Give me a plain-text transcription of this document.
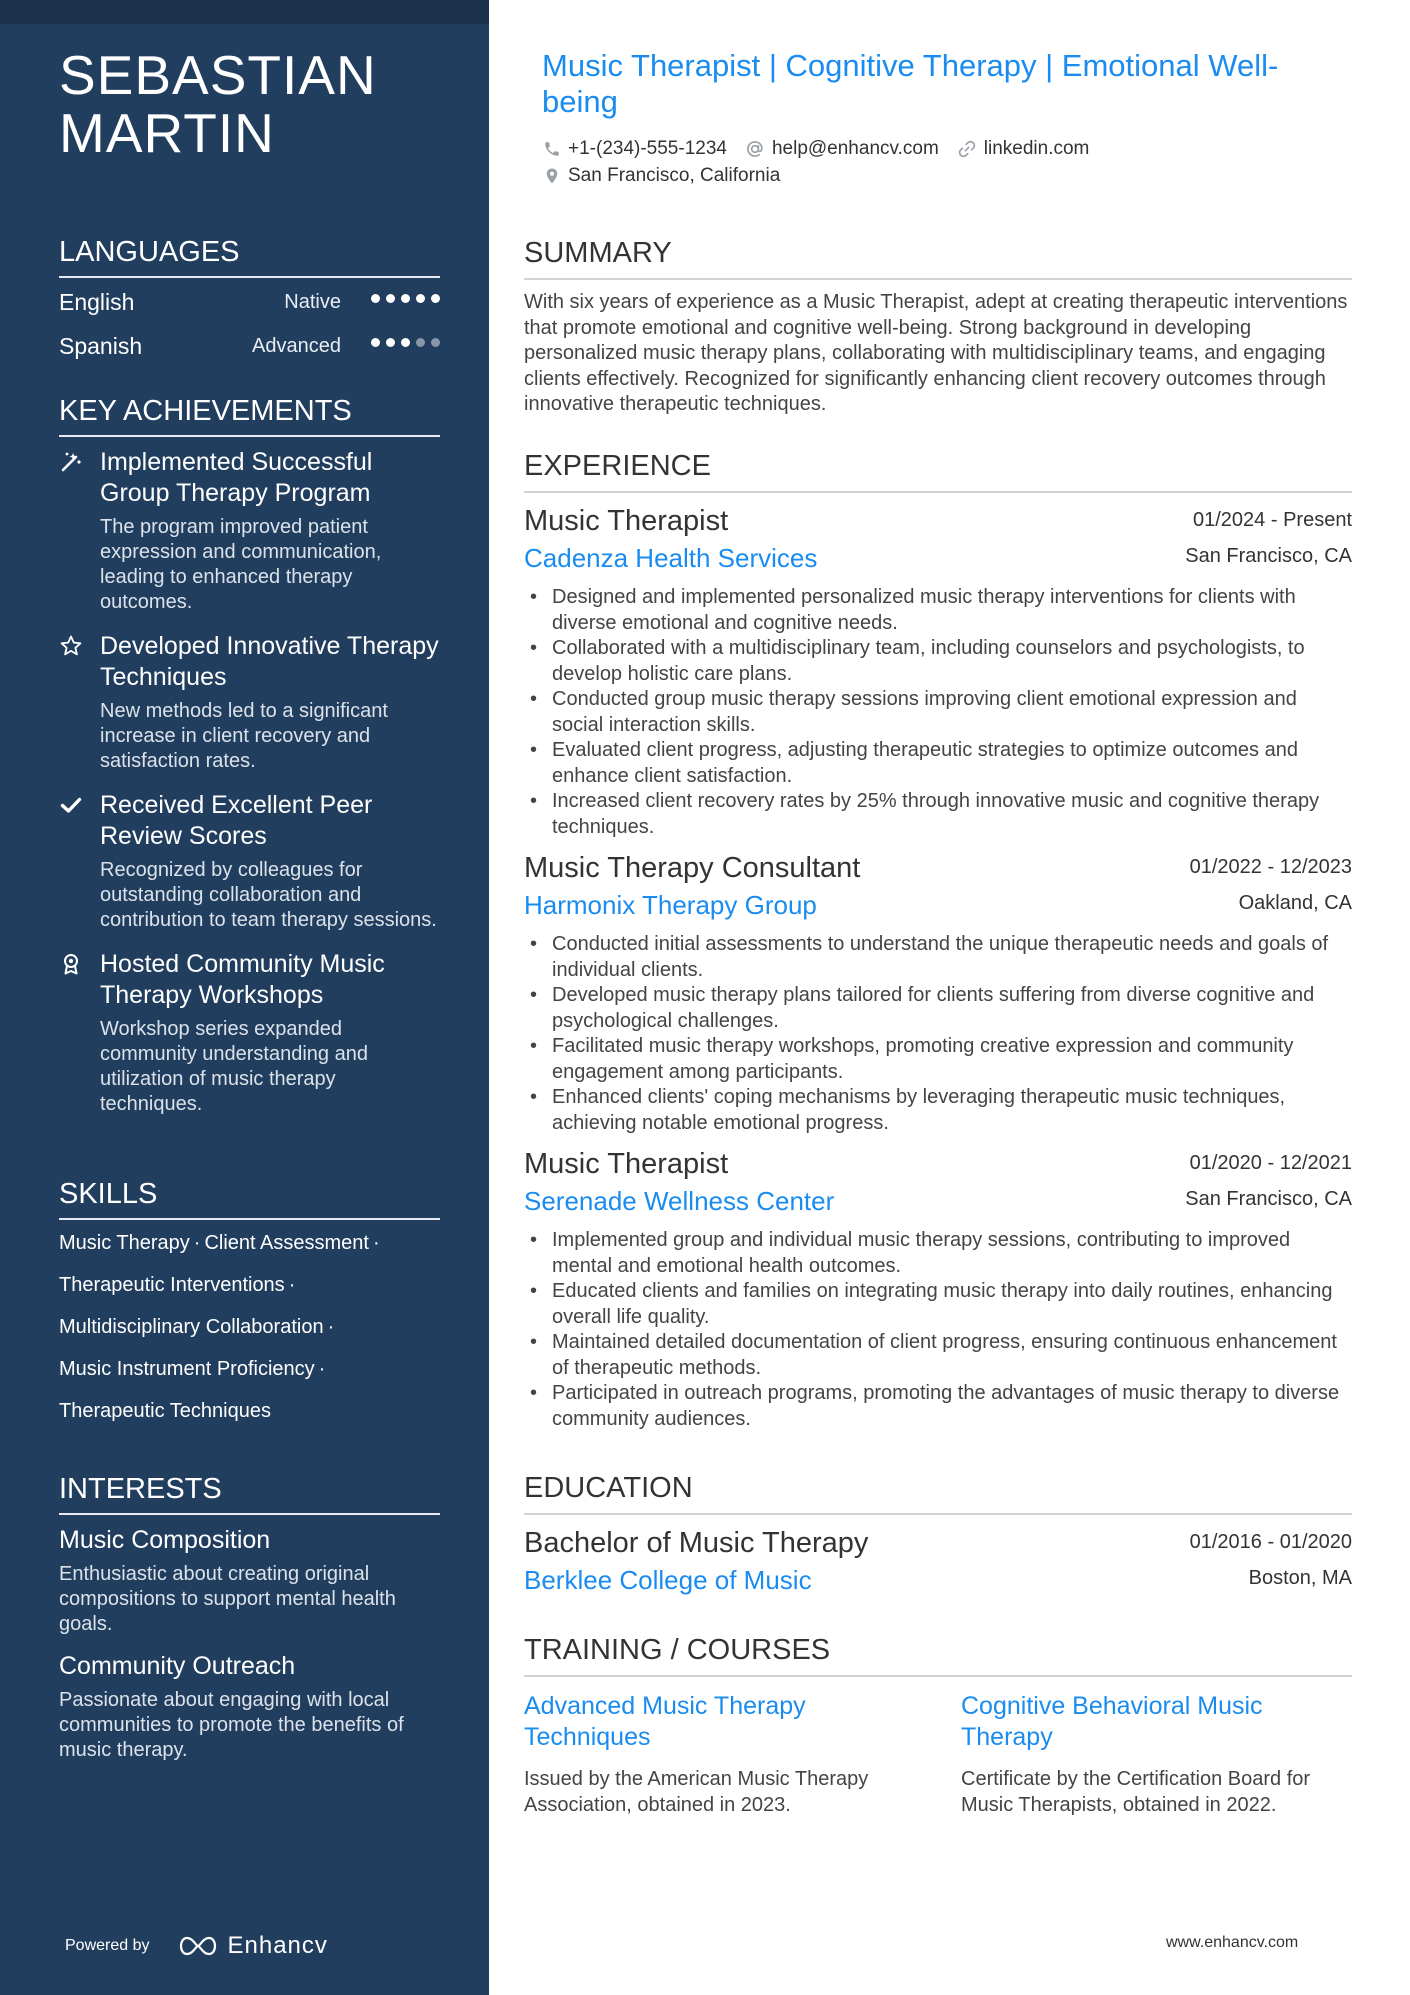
SEBASTIAN MARTIN
LANGUAGES
English	Native
Spanish	Advanced
KEY ACHIEVEMENTS
Implemented Successful Group Therapy Program
The program improved patient expression and communication, leading to enhanced therapy outcomes.
Developed Innovative Therapy Techniques
New methods led to a significant increase in client recovery and satisfaction rates.
Received Excellent Peer Review Scores
Recognized by colleagues for outstanding collaboration and contribution to team therapy sessions.
Hosted Community Music Therapy Workshops
Workshop series expanded community understanding and utilization of music therapy techniques.
SKILLS
Music Therapy · Client Assessment ·
Therapeutic Interventions ·
Multidisciplinary Collaboration ·
Music Instrument Proficiency ·
Therapeutic Techniques
INTERESTS
Music Composition
Enthusiastic about creating original compositions to support mental health goals.
Community Outreach
Passionate about engaging with local communities to promote the benefits of music therapy.
Powered by	Enhancv
Music Therapist | Cognitive Therapy | Emotional Well-being
+1-(234)-555-1234 help@enhancv.com linkedin.com
San Francisco, California
SUMMARY
With six years of experience as a Music Therapist, adept at creating therapeutic interventions that promote emotional and cognitive well-being. Strong background in developing personalized music therapy plans, collaborating with multidisciplinary teams, and engaging clients effectively. Recognized for significantly enhancing client recovery outcomes through innovative therapeutic techniques.
EXPERIENCE
Music Therapist	01/2024 - Present
Cadenza Health Services	San Francisco, CA
• Designed and implemented personalized music therapy interventions for clients with diverse emotional and cognitive needs.
• Collaborated with a multidisciplinary team, including counselors and psychologists, to develop holistic care plans.
• Conducted group music therapy sessions improving client emotional expression and social interaction skills.
• Evaluated client progress, adjusting therapeutic strategies to optimize outcomes and enhance client satisfaction.
• Increased client recovery rates by 25% through innovative music and cognitive therapy techniques.
Music Therapy Consultant	01/2022 - 12/2023
Harmonix Therapy Group	Oakland, CA
• Conducted initial assessments to understand the unique therapeutic needs and goals of individual clients.
• Developed music therapy plans tailored for clients suffering from diverse cognitive and psychological challenges.
• Facilitated music therapy workshops, promoting creative expression and community engagement among participants.
• Enhanced clients' coping mechanisms by leveraging therapeutic music techniques, achieving notable emotional progress.
Music Therapist	01/2020 - 12/2021
Serenade Wellness Center	San Francisco, CA
• Implemented group and individual music therapy sessions, contributing to improved mental and emotional health outcomes.
• Educated clients and families on integrating music therapy into daily routines, enhancing overall life quality.
• Maintained detailed documentation of client progress, ensuring continuous enhancement of therapeutic methods.
• Participated in outreach programs, promoting the advantages of music therapy to diverse community audiences.
EDUCATION
Bachelor of Music Therapy	01/2016 - 01/2020
Berklee College of Music	Boston, MA
TRAINING / COURSES
Advanced Music Therapy Techniques
Issued by the American Music Therapy Association, obtained in 2023.
Cognitive Behavioral Music Therapy
Certificate by the Certification Board for Music Therapists, obtained in 2022.
www.enhancv.com
